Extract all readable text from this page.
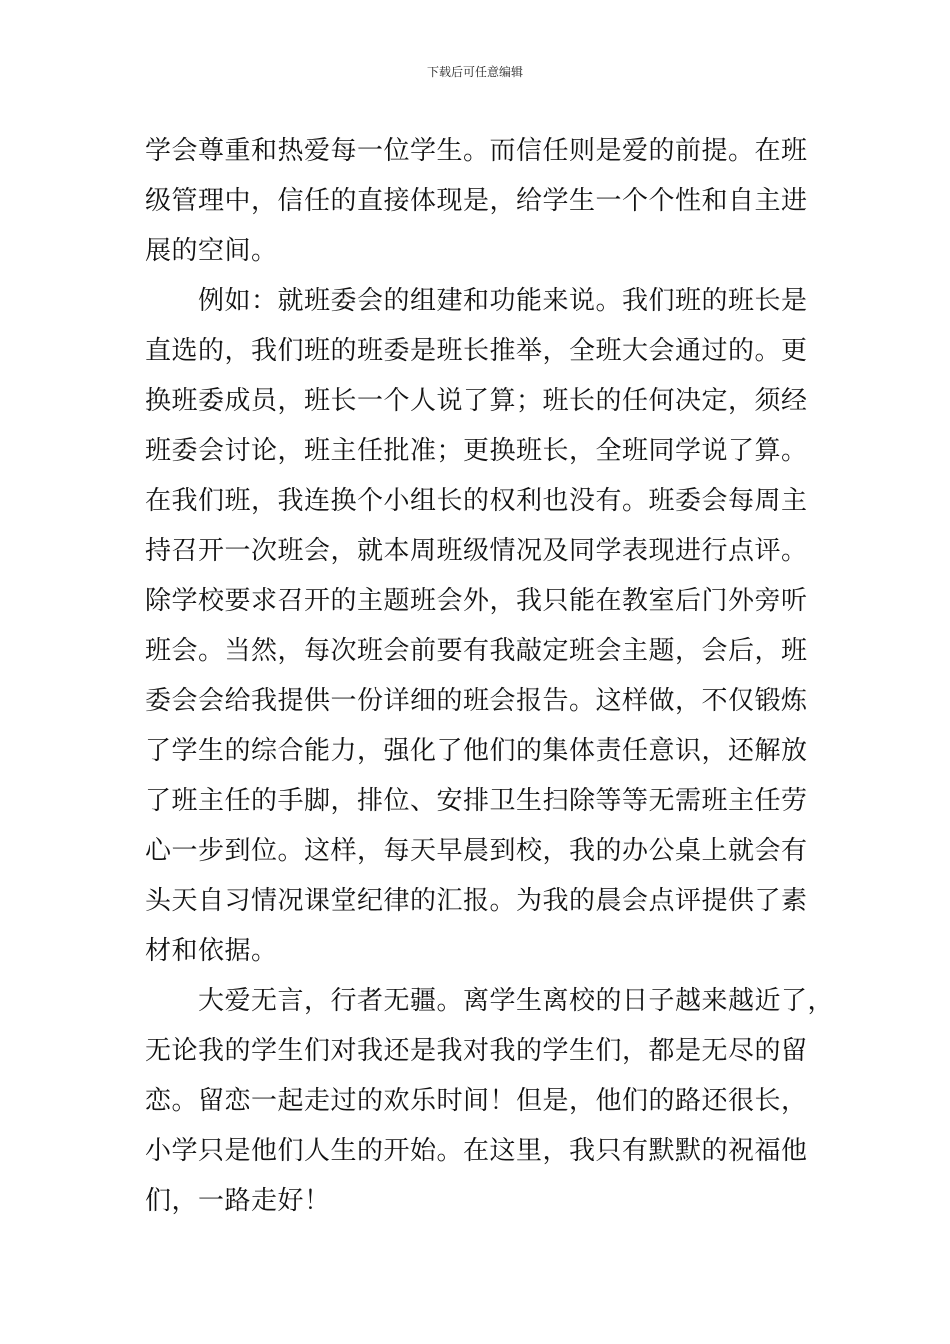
下载后可任意编辑
学会尊重和热爱每一位学生。而信任则是爱的前提。在班
级管理中，信任的直接体现是，给学生一个个性和自主进
展的空间。
　　例如：就班委会的组建和功能来说。我们班的班长是
直选的，我们班的班委是班长推举，全班大会通过的。更
换班委成员，班长一个人说了算；班长的任何决定，须经
班委会讨论，班主任批准；更换班长，全班同学说了算。
在我们班，我连换个小组长的权利也没有。班委会每周主
持召开一次班会，就本周班级情况及同学表现进行点评。
除学校要求召开的主题班会外，我只能在教室后门外旁听
班会。当然，每次班会前要有我敲定班会主题，会后，班
委会会给我提供一份详细的班会报告。这样做，不仅锻炼
了学生的综合能力，强化了他们的集体责任意识，还解放
了班主任的手脚，排位、安排卫生扫除等等无需班主任劳
心一步到位。这样，每天早晨到校，我的办公桌上就会有
头天自习情况课堂纪律的汇报。为我的晨会点评提供了素
材和依据。
　　大爱无言，行者无疆。离学生离校的日子越来越近了，
无论我的学生们对我还是我对我的学生们，都是无尽的留
恋。留恋一起走过的欢乐时间！但是，他们的路还很长，
小学只是他们人生的开始。在这里，我只有默默的祝福他
们，一路走好！
